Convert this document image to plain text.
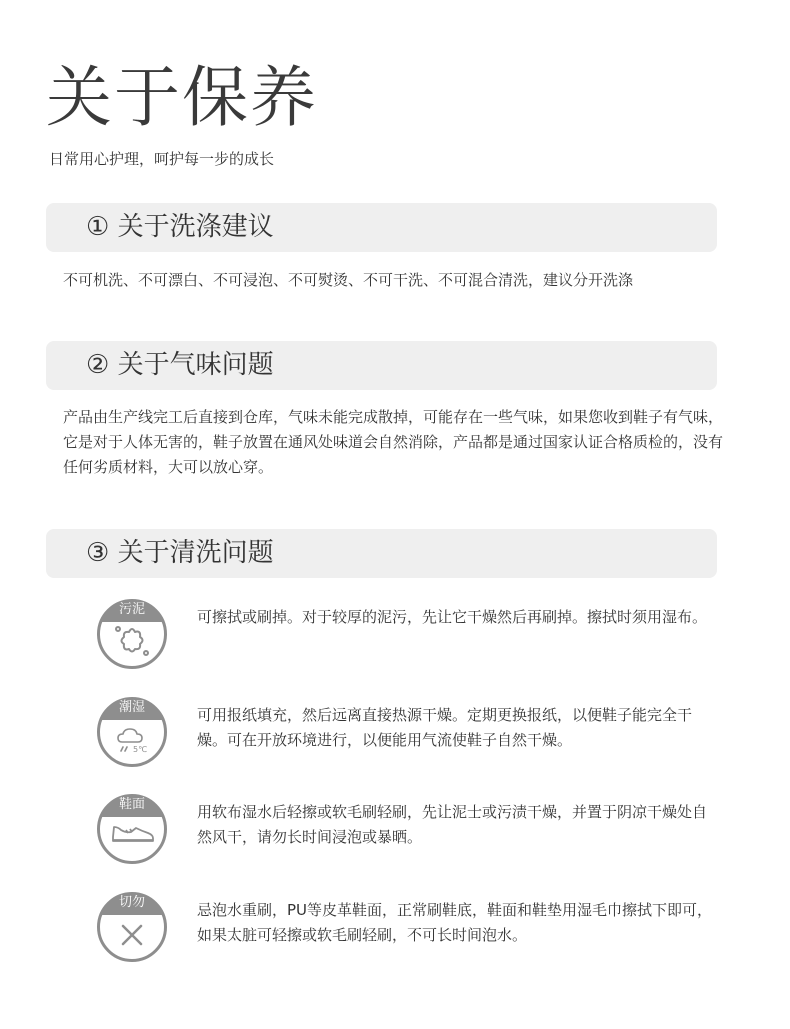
关于保养
日常用心护理，呵护每一步的成长
① 关于洗涤建议
不可机洗、不可漂白、不可浸泡、不可熨烫、不可干洗、不可混合清洗，建议分开洗涤
② 关于气味问题
产品由生产线完工后直接到仓库，气味未能完成散掉，可能存在一些气味，如果您收到鞋子有气味，它是对于人体无害的，鞋子放置在通风处味道会自然消除，产品都是通过国家认证合格质检的，没有任何劣质材料，大可以放心穿。
③ 关于清洗问题
污泥	可擦拭或刷掉。对于较厚的泥污，先让它干燥然后再刷掉。擦拭时须用湿布。
5℃
潮湿	可用报纸填充，然后远离直接热源干燥。定期更换报纸，以便鞋子能完全干燥。可在开放环境进行，以便能用气流使鞋子自然干燥。
鞋面	用软布湿水后轻擦或软毛刷轻刷，先让泥士或污渍干燥，并置于阴凉干燥处自然风干，请勿长时间浸泡或暴晒。
切勿	忌泡水重刷，PU等皮革鞋面，正常刷鞋底，鞋面和鞋垫用湿毛巾擦拭下即可，如果太脏可轻擦或软毛刷轻刷，不可长时间泡水。
